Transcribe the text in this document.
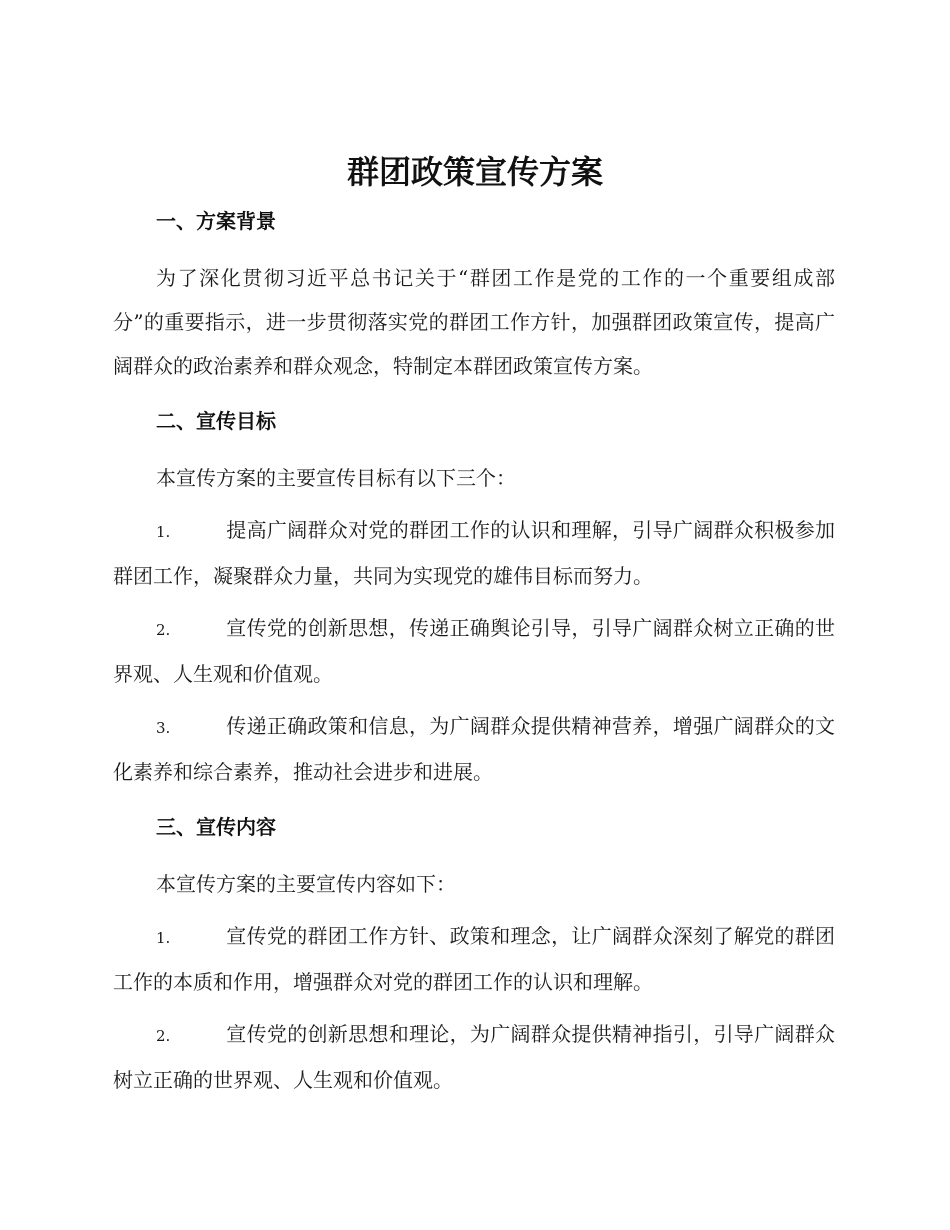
群团政策宣传方案
一、方案背景

为了深化贯彻习近平总书记关于“群团工作是党的工作的一个重要组成部分”的重要指示，进一步贯彻落实党的群团工作方针，加强群团政策宣传，提高广阔群众的政治素养和群众观念，特制定本群团政策宣传方案。

二、宣传目标

本宣传方案的主要宣传目标有以下三个：

1.	提高广阔群众对党的群团工作的认识和理解，引导广阔群众积极参加群团工作，凝聚群众力量，共同为实现党的雄伟目标而努力。

2.	宣传党的创新思想，传递正确舆论引导，引导广阔群众树立正确的世界观、人生观和价值观。

3.	传递正确政策和信息，为广阔群众提供精神营养，增强广阔群众的文化素养和综合素养，推动社会进步和进展。

三、宣传内容

本宣传方案的主要宣传内容如下：

1.	宣传党的群团工作方针、政策和理念，让广阔群众深刻了解党的群团工作的本质和作用，增强群众对党的群团工作的认识和理解。

2.	宣传党的创新思想和理论，为广阔群众提供精神指引，引导广阔群众树立正确的世界观、人生观和价值观。
